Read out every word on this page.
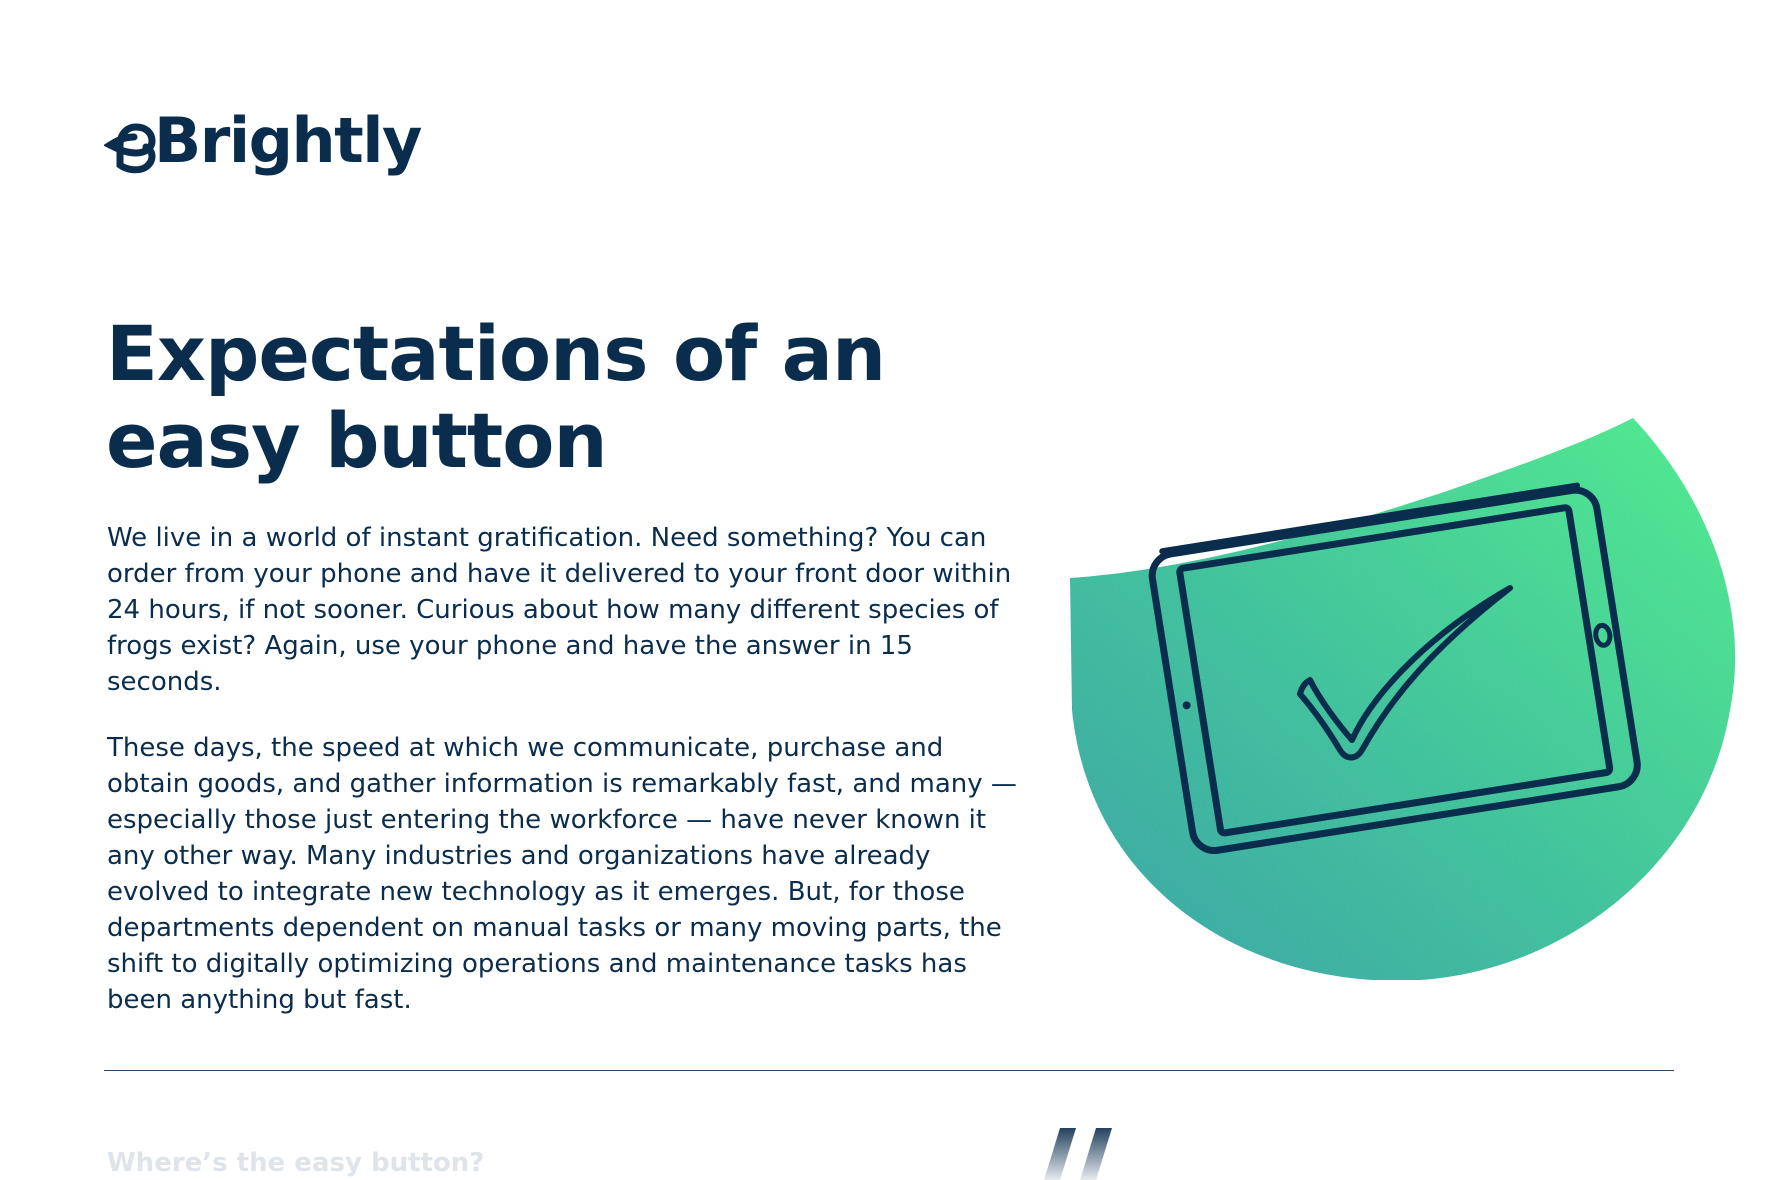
Brightly
Expectations of an
easy button

We live in a world of instant gratification. Need something? You can order from your phone and have it delivered to your front door within 24 hours, if not sooner. Curious about how many different species of frogs exist? Again, use your phone and have the answer in 15 seconds.

These days, the speed at which we communicate, purchase and obtain goods, and gather information is remarkably fast, and many — especially those just entering the workforce — have never known it any other way. Many industries and organizations have already evolved to integrate new technology as it emerges. But, for those departments dependent on manual tasks or many moving parts, the shift to digitally optimizing operations and maintenance tasks has been anything but fast.

Where’s the easy button?
